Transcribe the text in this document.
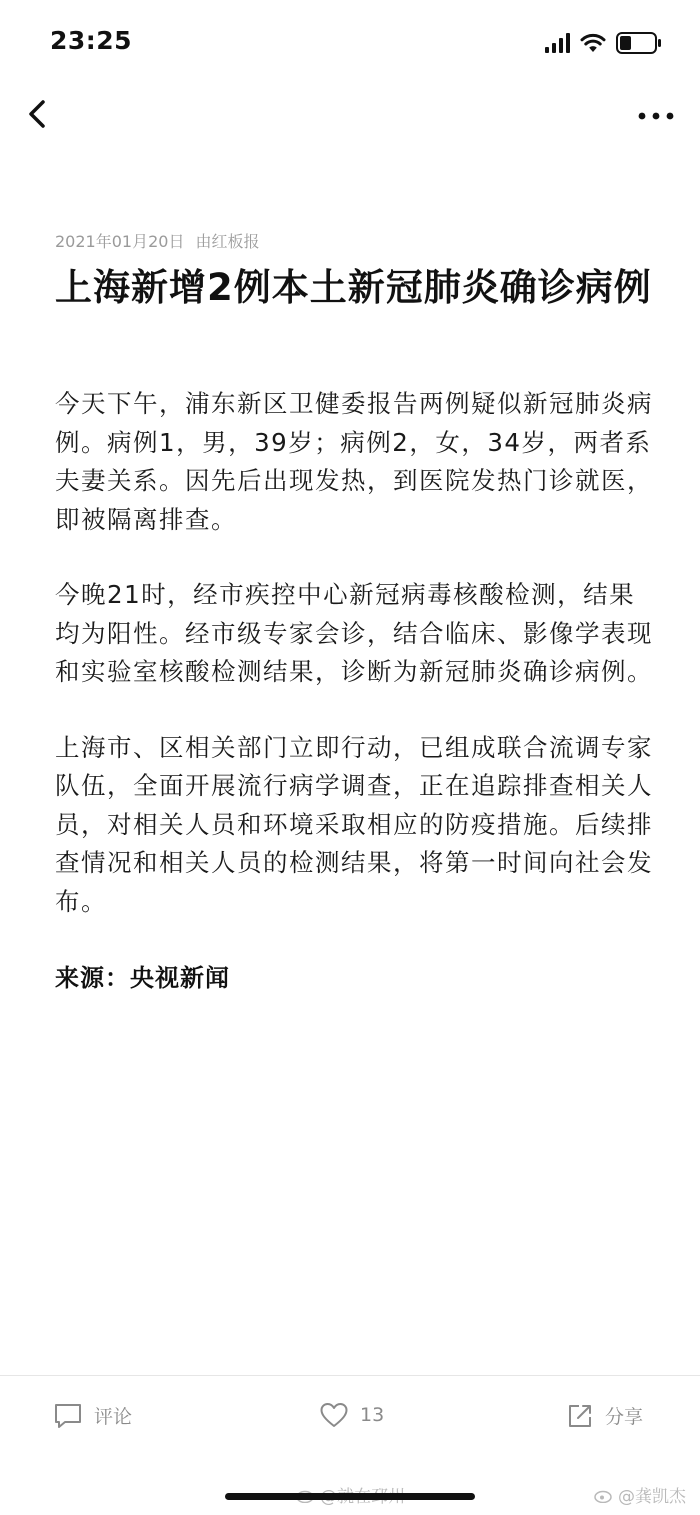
23:25
2021年01月20日 由红板报
上海新增2例本土新冠肺炎确诊病例

今天下午，浦东新区卫健委报告两例疑似新冠肺炎病例。病例1，男，39岁；病例2，女，34岁，两者系夫妻关系。因先后出现发热，到医院发热门诊就医，即被隔离排查。

今晚21时，经市疾控中心新冠病毒核酸检测，结果均为阳性。经市级专家会诊，结合临床、影像学表现和实验室核酸检测结果，诊断为新冠肺炎确诊病例。

上海市、区相关部门立即行动，已组成联合流调专家队伍，全面开展流行病学调查，正在追踪排查相关人员，对相关人员和环境采取相应的防疫措施。后续排查情况和相关人员的检测结果，将第一时间向社会发布。

来源：央视新闻
评论	13	分享
@龚凯杰
